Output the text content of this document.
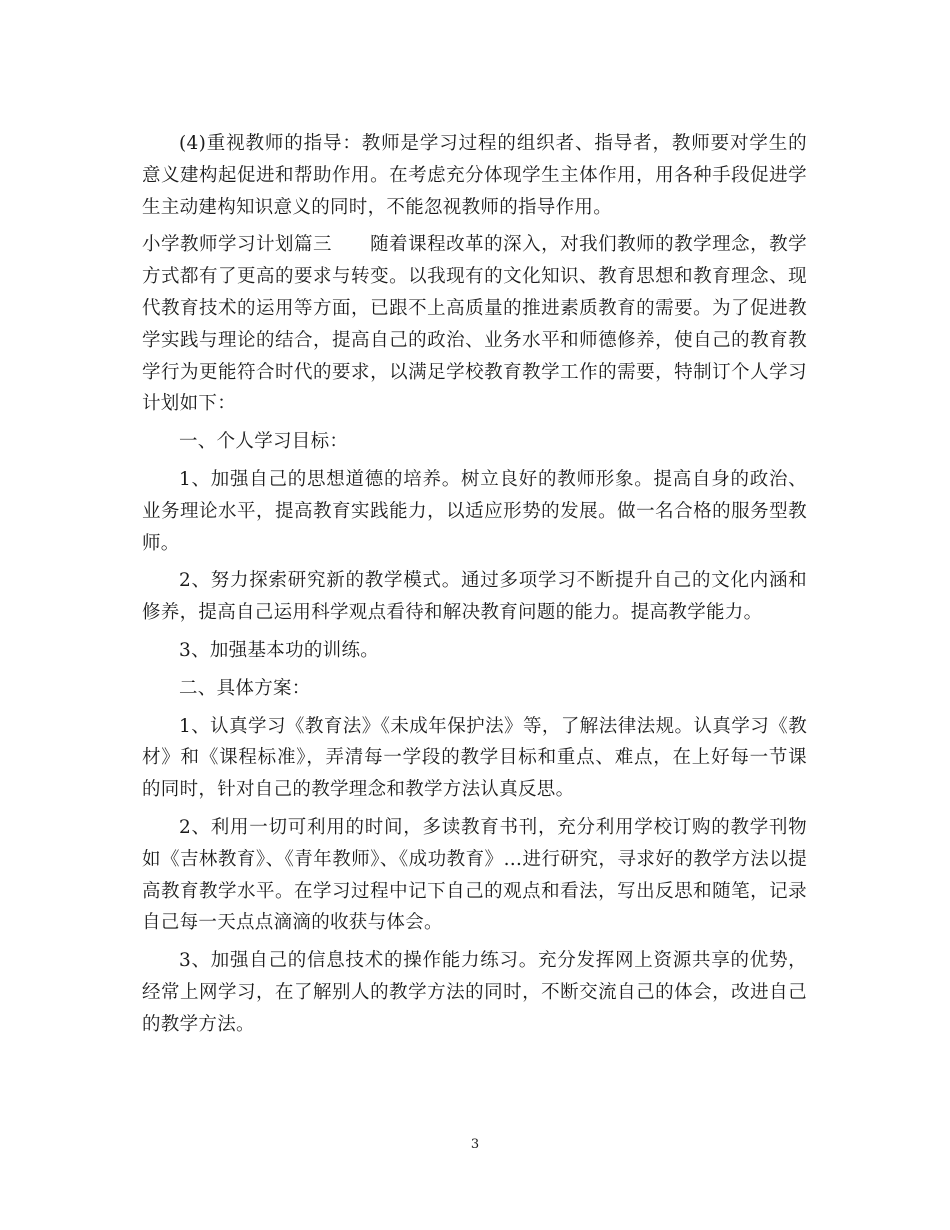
(4)重视教师的指导：教师是学习过程的组织者、指导者，教师要对学生的意义建构起促进和帮助作用。在考虑充分体现学生主体作用，用各种手段促进学生主动建构知识意义的同时，不能忽视教师的指导作用。

小学教师学习计划篇三　　随着课程改革的深入，对我们教师的教学理念，教学方式都有了更高的要求与转变。以我现有的文化知识、教育思想和教育理念、现代教育技术的运用等方面，已跟不上高质量的推进素质教育的需要。为了促进教学实践与理论的结合，提高自己的政治、业务水平和师德修养，使自己的教育教学行为更能符合时代的要求，以满足学校教育教学工作的需要，特制订个人学习计划如下：

一、个人学习目标：

1、加强自己的思想道德的培养。树立良好的教师形象。提高自身的政治、业务理论水平，提高教育实践能力，以适应形势的发展。做一名合格的服务型教师。

2、努力探索研究新的教学模式。通过多项学习不断提升自己的文化内涵和修养，提高自己运用科学观点看待和解决教育问题的能力。提高教学能力。

3、加强基本功的训练。

二、具体方案：

1、认真学习《教育法》《未成年保护法》等，了解法律法规。认真学习《教材》和《课程标准》，弄清每一学段的教学目标和重点、难点，在上好每一节课的同时，针对自己的教学理念和教学方法认真反思。

2、利用一切可利用的时间，多读教育书刊，充分利用学校订购的教学刊物如《吉林教育》、《青年教师》、《成功教育》…进行研究，寻求好的教学方法以提高教育教学水平。在学习过程中记下自己的观点和看法，写出反思和随笔，记录自己每一天点点滴滴的收获与体会。

3、加强自己的信息技术的操作能力练习。充分发挥网上资源共享的优势，经常上网学习，在了解别人的教学方法的同时，不断交流自己的体会，改进自己的教学方法。

3
